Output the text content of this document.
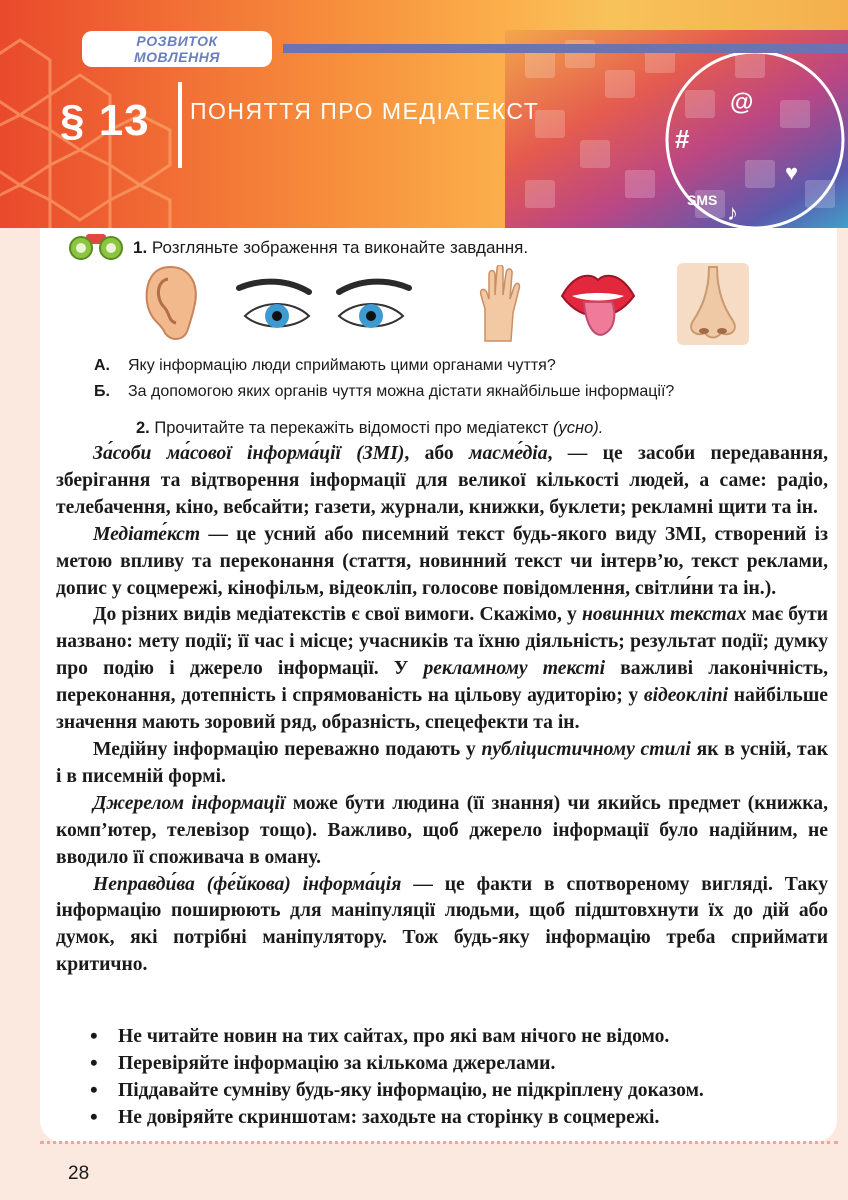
#
SMS
@
♥
♪
РОЗВИТОК
МОВЛЕННЯ
§ 13 ПОНЯТТЯ ПРО МЕДІАТЕКСТ
1. Розгляньте зображення та виконайте завдання.
А. Яку інформацію люди сприймають цими органами чуття?
Б. За допомогою яких органів чуття можна дістати якнайбільше інформації?
2. Прочитайте та перекажіть відомості про медіатекст (усно).

За́соби ма́сової інформа́ції (ЗМІ), або масме́діа, — це засоби передавання, зберігання та відтворення інформації для великої кількості людей, а саме: радіо, телебачення, кіно, вебсайти; газети, журнали, книжки, буклети; рекламні щити та ін.

Медіате́кст — це усний або писемний текст будь-якого виду ЗМІ, створений із метою впливу та переконання (стаття, новинний текст чи інтерв’ю, текст реклами, допис у соцмережі, кінофільм, відеокліп, голосове повідомлення, світли́ни та ін.).

До різних видів медіатекстів є свої вимоги. Скажімо, у новинних текстах має бути названо: мету події; її час і місце; учасників та їхню діяльність; результат події; думку про подію і джерело інформації. У рекламному тексті важливі лаконічність, переконання, дотепність і спрямованість на цільову аудиторію; у відеокліпі найбільше значення мають зоровий ряд, образність, спецефекти та ін.

Медійну інформацію переважно подають у публіцистичному стилі як в усній, так і в писемній формі.

Джерелом інформації може бути людина (її знання) чи якийсь предмет (книжка, комп’ютер, телевізор тощо). Важливо, щоб джерело інформації було надійним, не вводило її споживача в оману.

Неправди́ва (фе́йкова) інформа́ція — це факти в спотвореному вигляді. Таку інформацію поширюють для маніпуляції людьми, щоб підштовхнути їх до дій або думок, які потрібні маніпулятору. Тож будь-яку інформацію треба сприймати критично.

• Не читайте новин на тих сайтах, про які вам нічого не відомо.
• Перевіряйте інформацію за кількома джерелами.
• Піддавайте сумніву будь-яку інформацію, не підкріплену доказом.
• Не довіряйте скриншотам: заходьте на сторінку в соцмережі.
28
